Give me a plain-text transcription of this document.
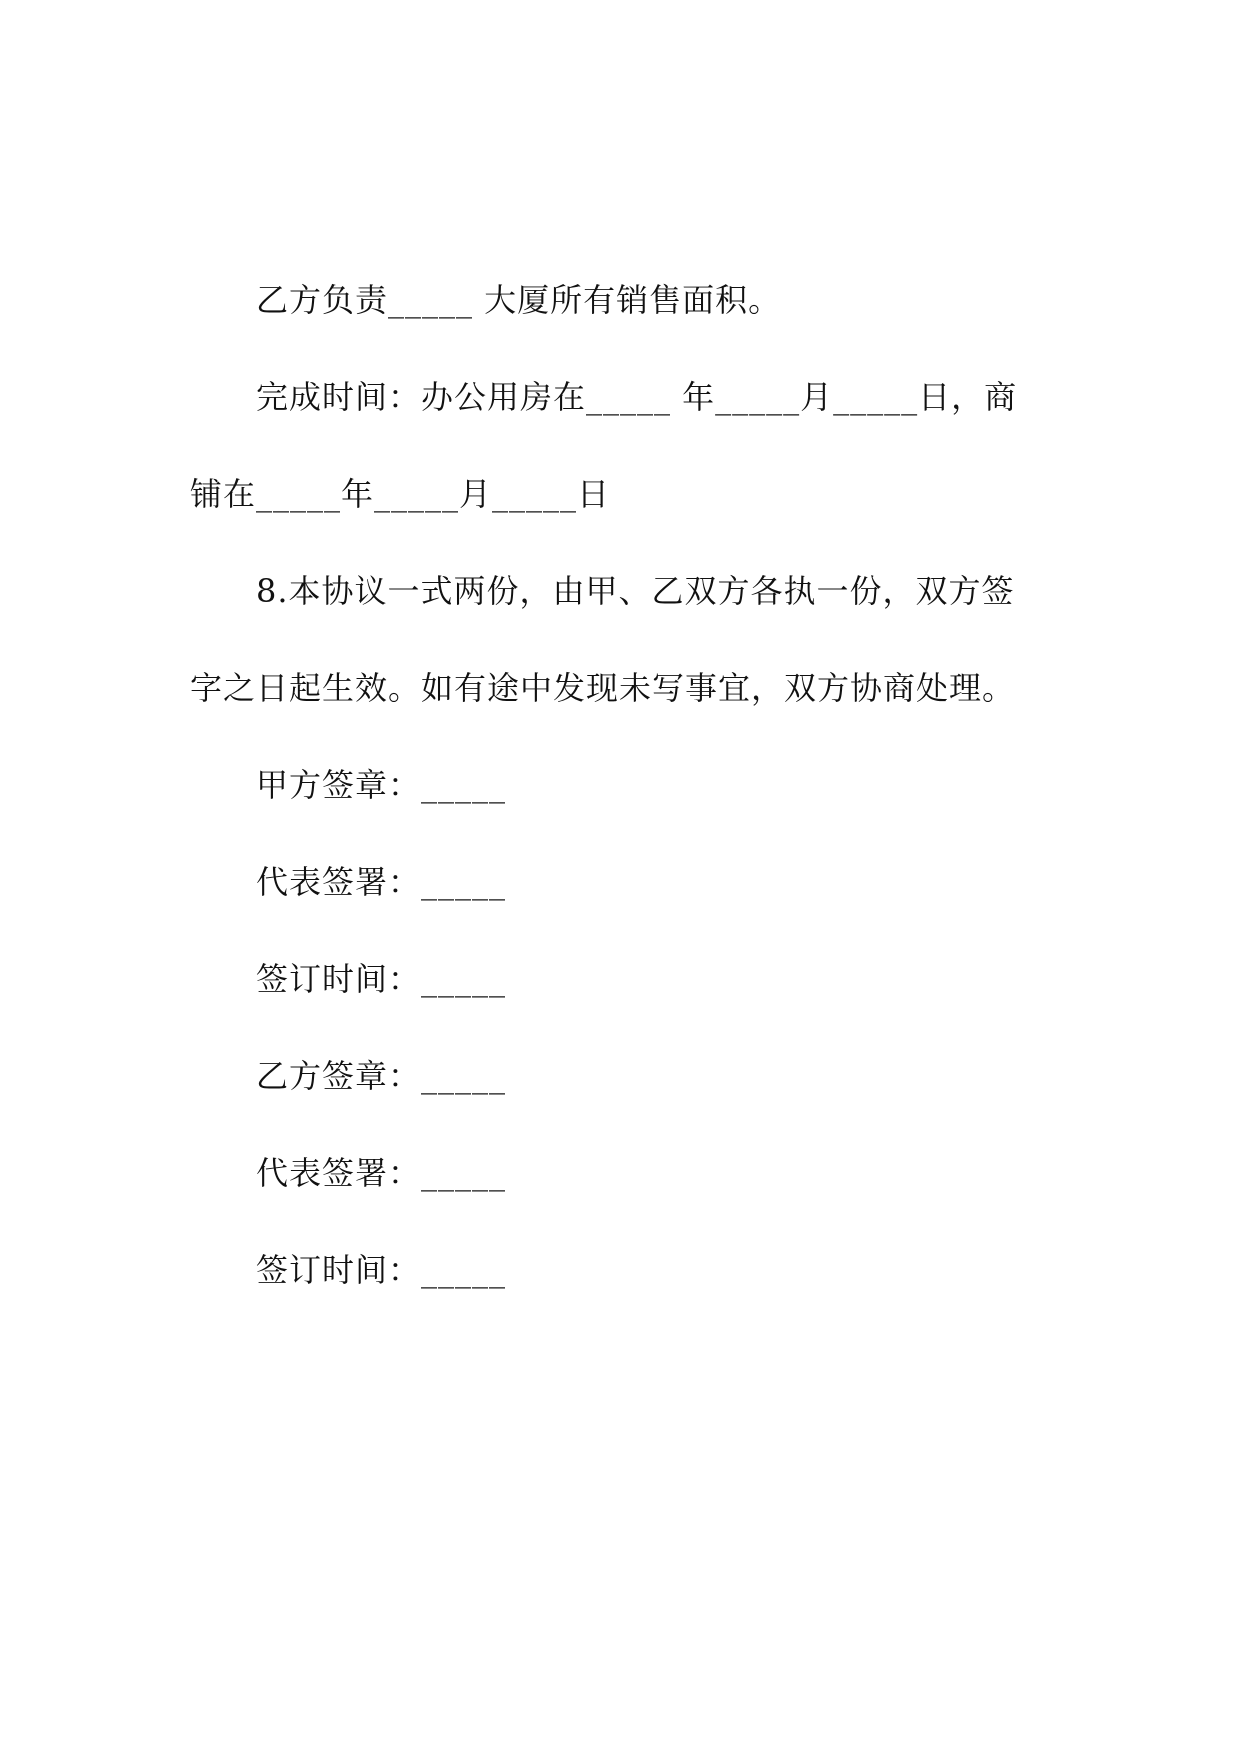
乙方负责_____ 大厦所有销售面积。
完成时间：办公用房在_____ 年_____月_____日，商
铺在_____年_____月_____日
8.本协议一式两份，由甲、乙双方各执一份，双方签
字之日起生效。如有途中发现未写事宜，双方协商处理。
甲方签章：_____
代表签署：_____
签订时间：_____
乙方签章：_____
代表签署：_____
签订时间：_____
